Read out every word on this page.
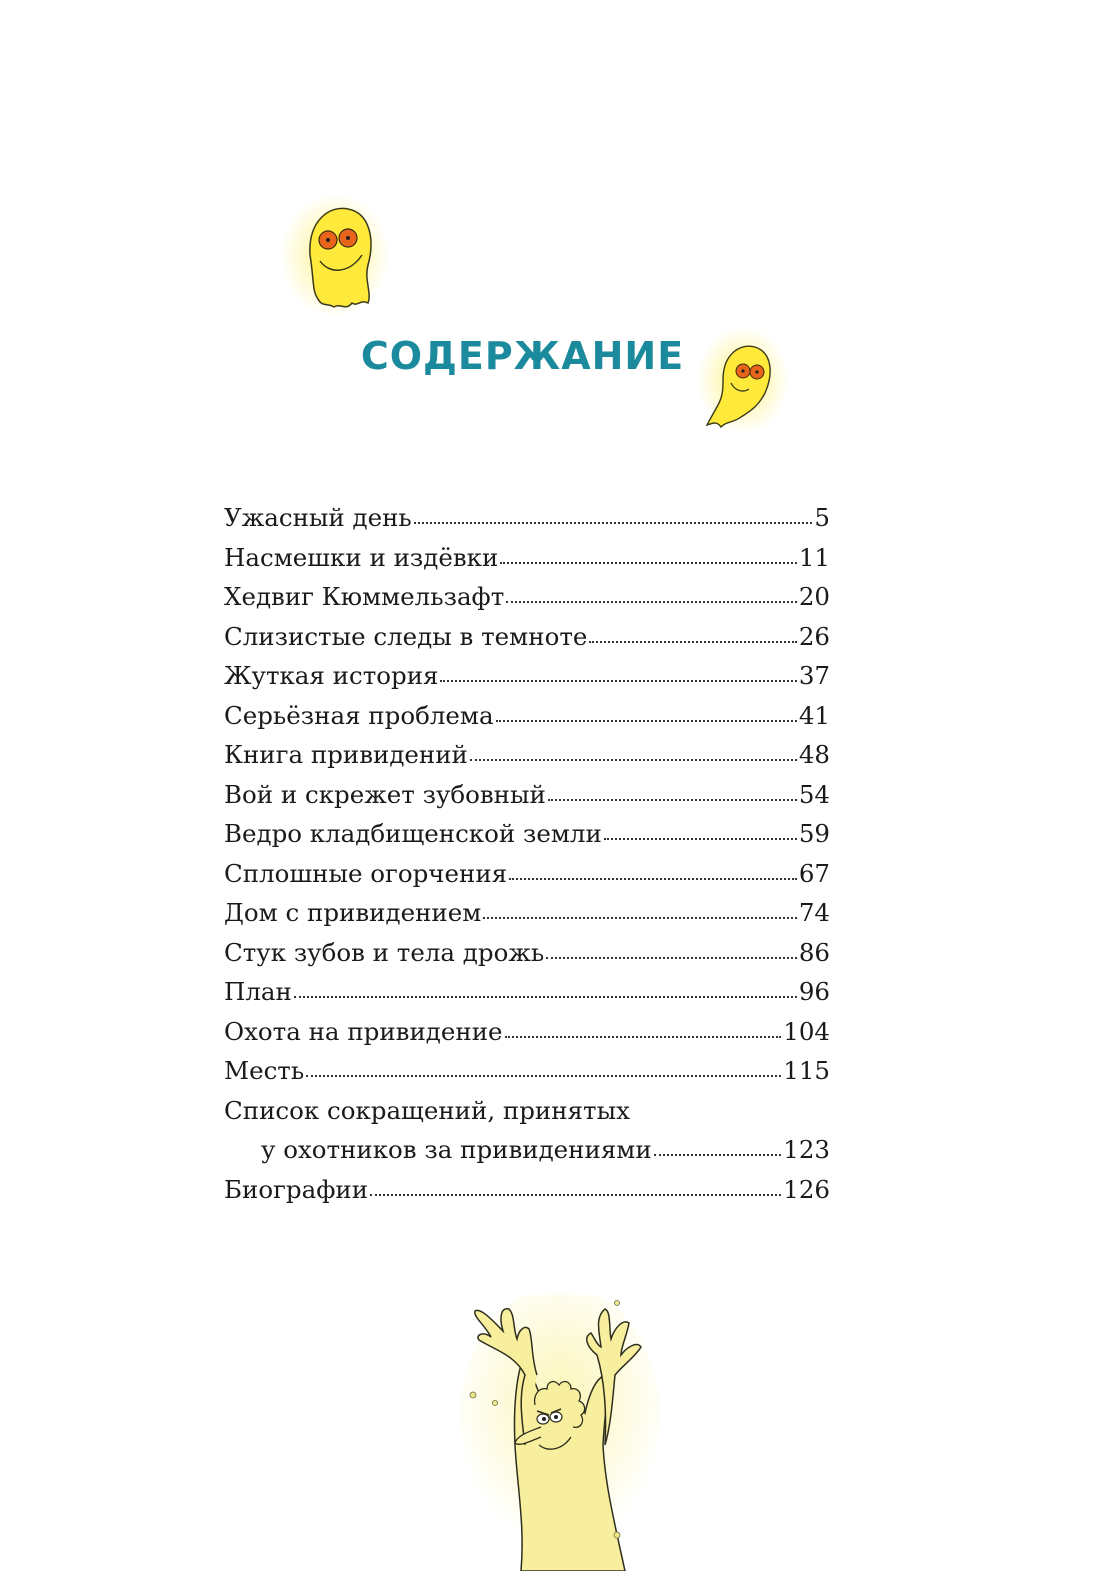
СОДЕРЖАНИЕ
Ужасный день	5
Насмешки и издёвки	11
Хедвиг Кюммельзафт	20
Слизистые следы в темноте	26
Жуткая история	37
Серьёзная проблема	41
Книга привидений	48
Вой и скрежет зубовный	54
Ведро кладбищенской земли	59
Сплошные огорчения	67
Дом с привидением	74
Стук зубов и тела дрожь	86
План	96
Охота на привидение	104
Месть	115
Список сокращений, принятых
у охотников за привидениями	123
Биографии	126
